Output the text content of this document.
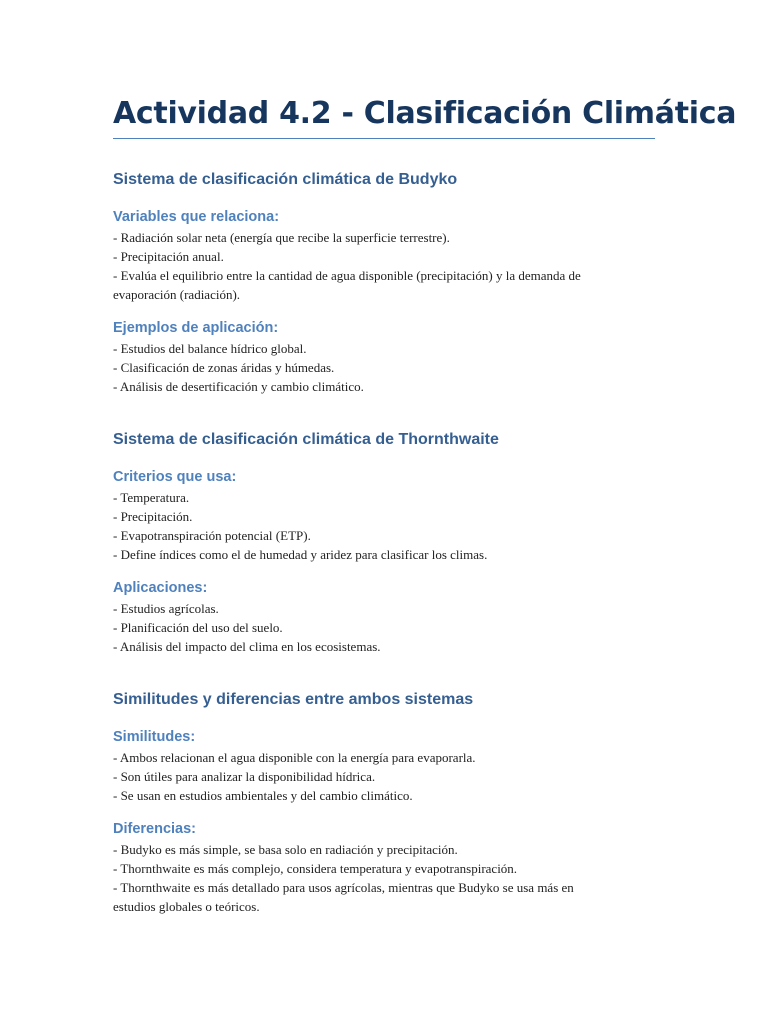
Actividad 4.2 - Clasificación Climática
Sistema de clasificación climática de Budyko
Variables que relaciona:

- Radiación solar neta (energía que recibe la superficie terrestre).

- Precipitación anual.

- Evalúa el equilibrio entre la cantidad de agua disponible (precipitación) y la demanda de

evaporación (radiación).

Ejemplos de aplicación:

- Estudios del balance hídrico global.

- Clasificación de zonas áridas y húmedas.

- Análisis de desertificación y cambio climático.

Sistema de clasificación climática de Thornthwaite
Criterios que usa:

- Temperatura.

- Precipitación.

- Evapotranspiración potencial (ETP).

- Define índices como el de humedad y aridez para clasificar los climas.

Aplicaciones:

- Estudios agrícolas.

- Planificación del uso del suelo.

- Análisis del impacto del clima en los ecosistemas.

Similitudes y diferencias entre ambos sistemas
Similitudes:

- Ambos relacionan el agua disponible con la energía para evaporarla.

- Son útiles para analizar la disponibilidad hídrica.

- Se usan en estudios ambientales y del cambio climático.

Diferencias:

- Budyko es más simple, se basa solo en radiación y precipitación.

- Thornthwaite es más complejo, considera temperatura y evapotranspiración.

- Thornthwaite es más detallado para usos agrícolas, mientras que Budyko se usa más en

estudios globales o teóricos.
